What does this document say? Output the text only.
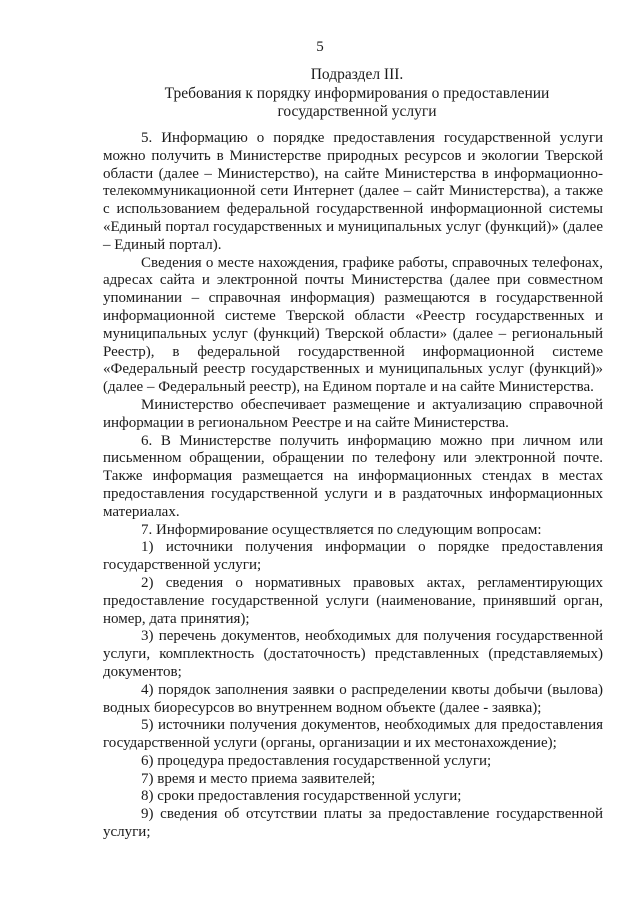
5
Подраздел III.
Требования к порядку информирования о предоставлении
государственной услуги

5. Информацию о порядке предоставления государственной услуги можно получить в Министерстве природных ресурсов и экологии Тверской области (далее – Министерство), на сайте Министерства в информационно-телекоммуникационной сети Интернет (далее – сайт Министерства), а также с использованием федеральной государственной информационной системы «Единый портал государственных и муниципальных услуг (функций)» (далее – Единый портал).

Сведения о месте нахождения, графике работы, справочных телефонах, адресах сайта и электронной почты Министерства (далее при совместном упоминании – справочная информация) размещаются в государственной информационной системе Тверской области «Реестр государственных и муниципальных услуг (функций) Тверской области» (далее – региональный Реестр), в федеральной государственной информационной системе «Федеральный реестр государственных и муниципальных услуг (функций)» (далее – Федеральный реестр), на Едином портале и на сайте Министерства.

Министерство обеспечивает размещение и актуализацию справочной информации в региональном Реестре и на сайте Министерства.

6. В Министерстве получить информацию можно при личном или письменном обращении, обращении по телефону или электронной почте. Также информация размещается на информационных стендах в местах предоставления государственной услуги и в раздаточных информационных материалах.

7. Информирование осуществляется по следующим вопросам:

1) источники получения информации о порядке предоставления государственной услуги;

2) сведения о нормативных правовых актах, регламентирующих предоставление государственной услуги (наименование, принявший орган, номер, дата принятия);

3) перечень документов, необходимых для получения государственной услуги, комплектность (достаточность) представленных (представляемых) документов;

4) порядок заполнения заявки о распределении квоты добычи (вылова) водных биоресурсов во внутреннем водном объекте (далее - заявка);

5) источники получения документов, необходимых для предоставления государственной услуги (органы, организации и их местонахождение);

6) процедура предоставления государственной услуги;

7) время и место приема заявителей;

8) сроки предоставления государственной услуги;

9) сведения об отсутствии платы за предоставление государственной услуги;
